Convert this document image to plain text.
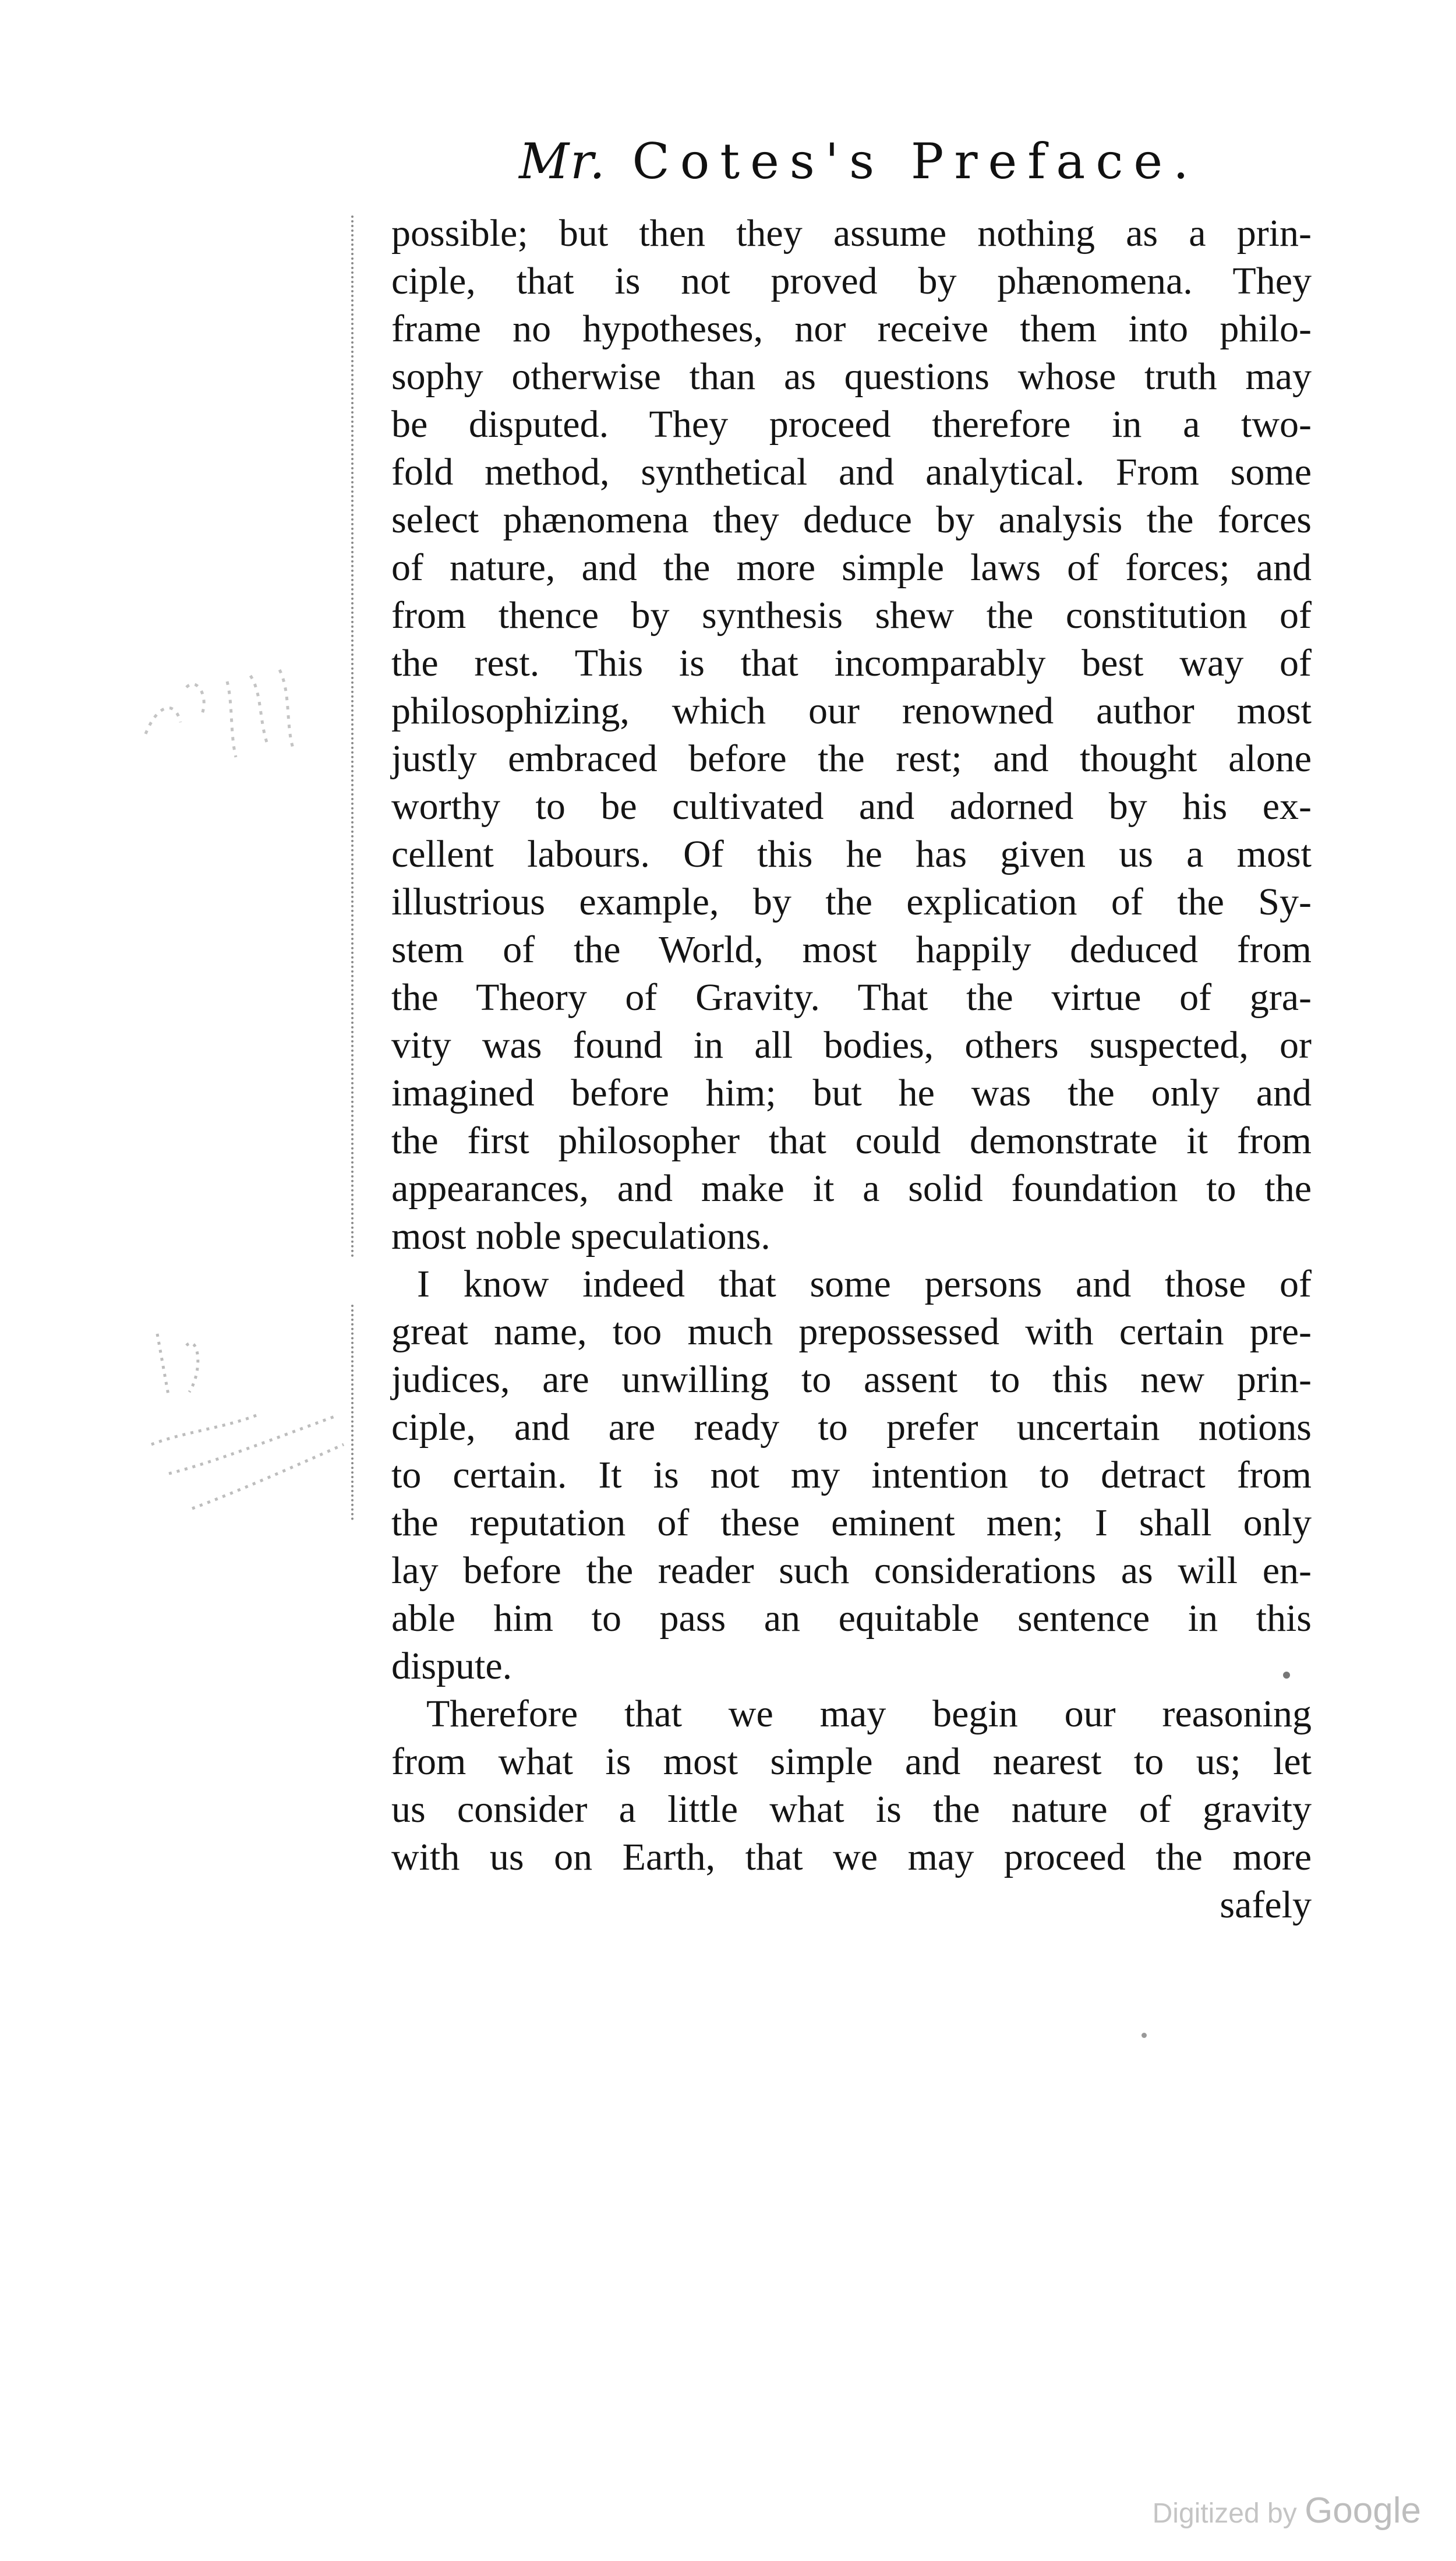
Mr. Cotes's Preface.
possible; but then they assume nothing as a prin-
ciple, that is not proved by phænomena. They
frame no hypotheses, nor receive them into philo-
sophy otherwise than as questions whose truth may
be disputed. They proceed therefore in a two-
fold method, synthetical and analytical. From some
select phænomena they deduce by analysis the forces
of nature, and the more simple laws of forces; and
from thence by synthesis shew the constitution of
the rest. This is that incomparably best way of
philosophizing, which our renowned author most
justly embraced before the rest; and thought alone
worthy to be cultivated and adorned by his ex-
cellent labours. Of this he has given us a most
illustrious example, by the explication of the Sy-
stem of the World, most happily deduced from
the Theory of Gravity. That the virtue of gra-
vity was found in all bodies, others suspected, or
imagined before him; but he was the only and
the first philosopher that could demonstrate it from
appearances, and make it a solid foundation to the
most noble speculations.
I know indeed that some persons and those of
great name, too much prepossessed with certain pre-
judices, are unwilling to assent to this new prin-
ciple, and are ready to prefer uncertain notions
to certain. It is not my intention to detract from
the reputation of these eminent men; I shall only
lay before the reader such considerations as will en-
able him to pass an equitable sentence in this
dispute.
Therefore that we may begin our reasoning
from what is most simple and nearest to us; let
us consider a little what is the nature of gravity
with us on Earth, that we may proceed the more
safely
Digitized by Google
